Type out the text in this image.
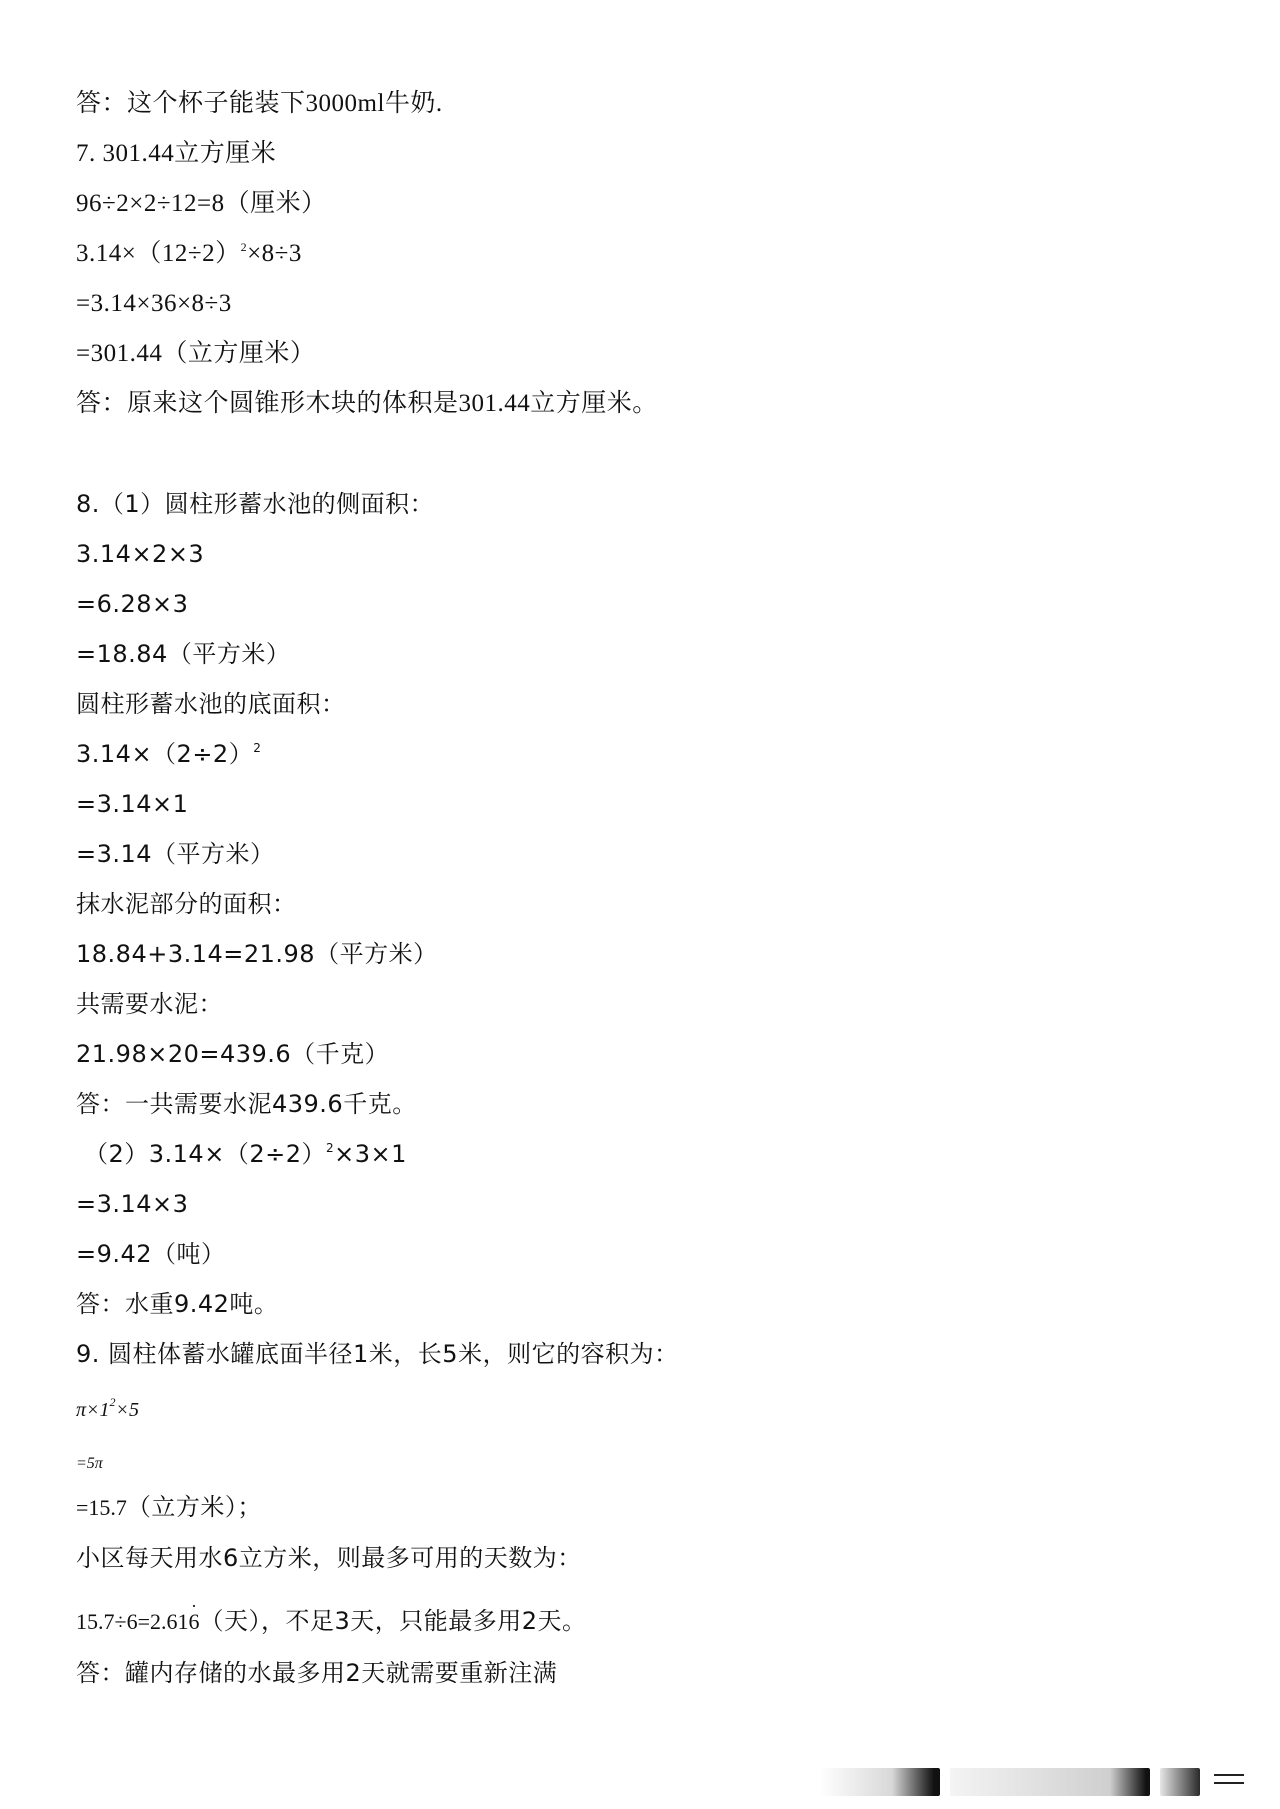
答：这个杯子能装下3000ml牛奶.
7. 301.44立方厘米
96÷2×2÷12=8（厘米）
$3.14\times(12\div 2)^2\times 8\div 3$
=3.14×36×8÷3
=301.44（立方厘米）
答：原来这个圆锥形木块的体积是301.44立方厘米。
8.（1）圆柱形蓄水池的侧面积：
3.14×2×3
=6.28×3
=18.84（平方米）
圆柱形蓄水池的底面积：
$3.14\times(2\div 2)^2$
=3.14×1
=3.14（平方米）
抹水泥部分的面积：
18.84+3.14=21.98（平方米）
共需要水泥：
21.98×20=439.6（千克）
答：一共需要水泥439.6千克。
$(2)3.14\times(2\div 2)^2\times 3\times 1$
=3.14×3
=9.42（吨）
答：水重9.42吨。
9. 圆柱体蓄水罐底面半径1米，长5米，则它的容积为：
$\pi\times 1^2\times 5$
=5π
=15.7（立方米）；
小区每天用水6立方米，则最多可用的天数为：
15.7÷6=2.61· 6（天），不足3天，只能最多用2天。
答：罐内存储的水最多用2天就需要重新注满
